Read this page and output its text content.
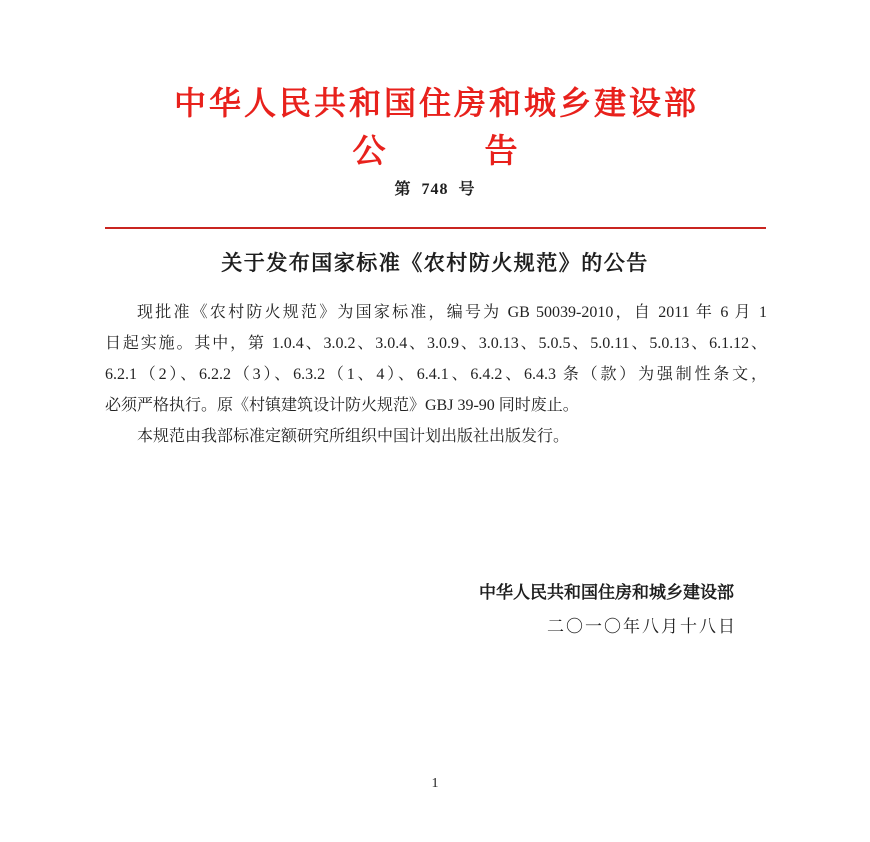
中华人民共和国住房和城乡建设部
公　　　告
第 748 号
关于发布国家标准《农村防火规范》的公告
现批准《农村防火规范》为国家标准，编号为 GB 50039-2010，自 2011 年 6 月 1
日起实施。其中，第 1.0.4、3.0.2、3.0.4、3.0.9、3.0.13、5.0.5、5.0.11、5.0.13、6.1.12、
6.2.1（2）、6.2.2（3）、6.3.2（1、4）、6.4.1、6.4.2、6.4.3 条（款）为强制性条文，
必须严格执行。原《村镇建筑设计防火规范》GBJ 39-90 同时废止。
本规范由我部标准定额研究所组织中国计划出版社出版发行。
中华人民共和国住房和城乡建设部
二〇一〇年八月十八日
1
